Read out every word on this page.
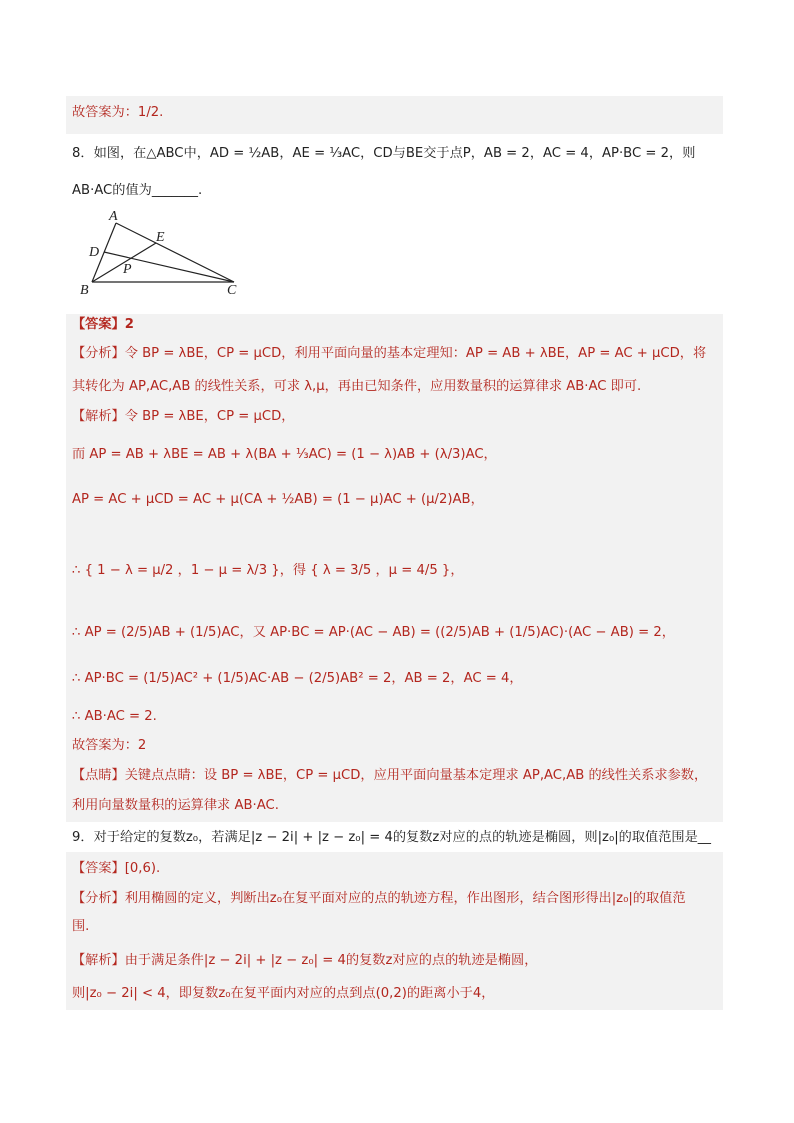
故答案为：1/2.
8．如图，在△ABC中，AD = ½AB，AE = ⅓AC，CD与BE交于点P，AB = 2，AC = 4，AP·BC = 2，则
AB·AC的值为_______.
A
D
E
P
B	C
【答案】2
【分析】令 BP = λBE，CP = μCD，利用平面向量的基本定理知：AP = AB + λBE，AP = AC + μCD，将
其转化为 AP,AC,AB 的线性关系，可求 λ,μ，再由已知条件，应用数量积的运算律求 AB·AC 即可.
【解析】令 BP = λBE，CP = μCD，
而 AP = AB + λBE = AB + λ(BA + ⅓AC) = (1 − λ)AB + (λ/3)AC，
AP = AC + μCD = AC + μ(CA + ½AB) = (1 − μ)AC + (μ/2)AB，
∴ { 1 − λ = μ/2 ，1 − μ = λ/3 }，得 { λ = 3/5 ，μ = 4/5 }，
∴ AP = (2/5)AB + (1/5)AC，又 AP·BC = AP·(AC − AB) = ((2/5)AB + (1/5)AC)·(AC − AB) = 2，
∴ AP·BC = (1/5)AC² + (1/5)AC·AB − (2/5)AB² = 2，AB = 2，AC = 4，
∴ AB·AC = 2.
故答案为：2
【点睛】关键点点睛：设 BP = λBE，CP = μCD，应用平面向量基本定理求 AP,AC,AB 的线性关系求参数，
利用向量数量积的运算律求 AB·AC.
9．对于给定的复数z₀，若满足|z − 2i| + |z − z₀| = 4的复数z对应的点的轨迹是椭圆，则|z₀|的取值范围是__
【答案】[0,6).
【分析】利用椭圆的定义，判断出z₀在复平面对应的点的轨迹方程，作出图形，结合图形得出|z₀|的取值范
围.
【解析】由于满足条件|z − 2i| + |z − z₀| = 4的复数z对应的点的轨迹是椭圆，
则|z₀ − 2i| < 4，即复数z₀在复平面内对应的点到点(0,2)的距离小于4，
